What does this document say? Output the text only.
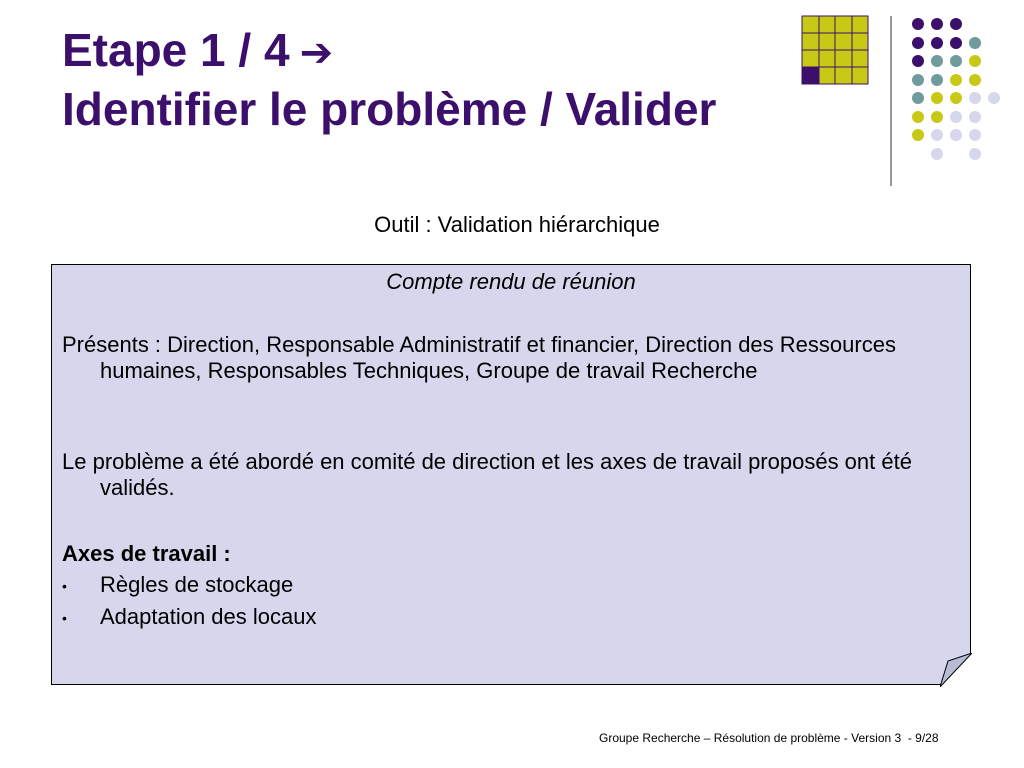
Etape 1 / 4 ➔
Identifier le problème / Valider
Outil : Validation hiérarchique
Compte rendu de réunion
Présents : Direction, Responsable Administratif et financier, Direction des Ressources humaines, Responsables Techniques, Groupe de travail Recherche
Le problème a été abordé en comité de direction et les axes de travail proposés ont été validés.
Axes de travail :
• Règles de stockage
• Adaptation des locaux
Groupe Recherche – Résolution de problème - Version 3  - 9/28
